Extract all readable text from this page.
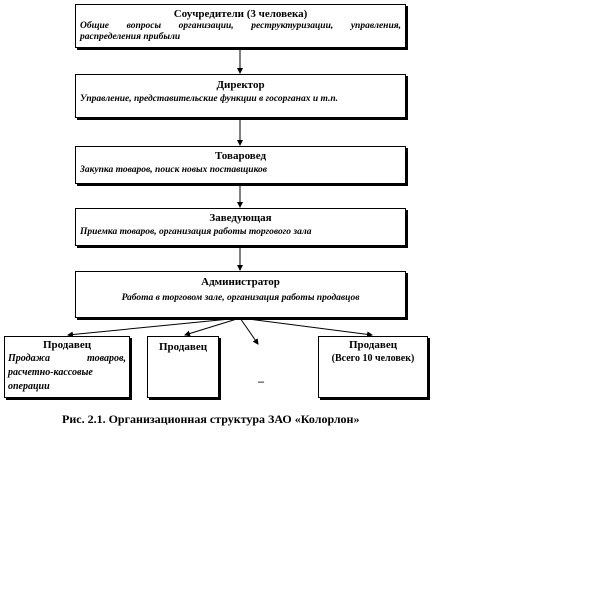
Соучредители (3 человека)
Общие вопросы организации, реструктуризации, управления, распределения прибыли
Директор
Управление, представительские функции в госорганах и т.п.
Товаровед
Закупка товаров, поиск новых поставщиков
Заведующая
Приемка товаров, организация работы торгового зала
Администратор
Работа в торговом зале, организация работы продавцов
Продавец
Продажа товаров, расчетно-кассовые операции
Продавец
–
Продавец
(Всего 10 человек)
Рис. 2.1. Организационная структура ЗАО «Колорлон»
